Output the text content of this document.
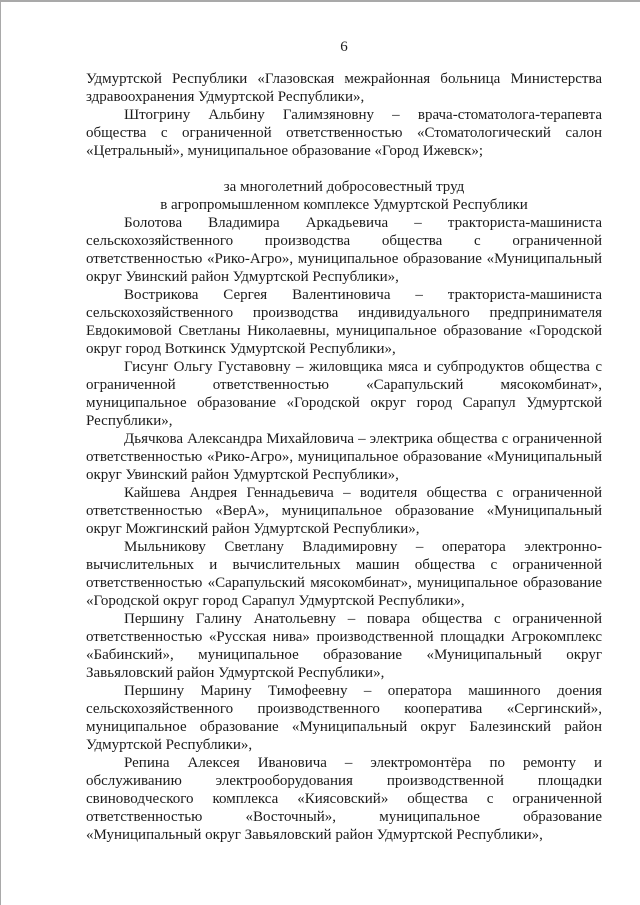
6

Удмуртской Республики «Глазовская межрайонная больница Министерства здравоохранения Удмуртской Республики»,

Штогрину Альбину Галимзяновну – врача-стоматолога-терапевта общества с ограниченной ответственностью «Стоматологический салон «Цетральный», муниципальное образование «Город Ижевск»;

за многолетний добросовестный труд
в агропромышленном комплексе Удмуртской Республики

Болотова Владимира Аркадьевича – тракториста-машиниста сельскохозяйственного производства общества с ограниченной ответственностью «Рико-Агро», муниципальное образование «Муниципальный округ Увинский район Удмуртской Республики»,

Вострикова Сергея Валентиновича – тракториста-машиниста сельскохозяйственного производства индивидуального предпринимателя Евдокимовой Светланы Николаевны, муниципальное образование «Городской округ город Воткинск Удмуртской Республики»,

Гисунг Ольгу Густавовну – жиловщика мяса и субпродуктов общества с ограниченной ответственностью «Сарапульский мясокомбинат», муниципальное образование «Городской округ город Сарапул Удмуртской Республики»,

Дьячкова Александра Михайловича – электрика общества с ограниченной ответственностью «Рико-Агро», муниципальное образование «Муниципальный округ Увинский район Удмуртской Республики»,

Кайшева Андрея Геннадьевича – водителя общества с ограниченной ответственностью «ВерА», муниципальное образование «Муниципальный округ Можгинский район Удмуртской Республики»,

Мыльникову Светлану Владимировну – оператора электронно-вычислительных и вычислительных машин общества с ограниченной ответственностью «Сарапульский мясокомбинат», муниципальное образование «Городской округ город Сарапул Удмуртской Республики»,

Першину Галину Анатольевну – повара общества с ограниченной ответственностью «Русская нива» производственной площадки Агрокомплекс «Бабинский», муниципальное образование «Муниципальный округ Завьяловский район Удмуртской Республики»,

Першину Марину Тимофеевну – оператора машинного доения сельскохозяйственного производственного кооператива «Сергинский», муниципальное образование «Муниципальный округ Балезинский район Удмуртской Республики»,

Репина Алексея Ивановича – электромонтёра по ремонту и обслуживанию электрооборудования производственной площадки свиноводческого комплекса «Киясовский» общества с ограниченной ответственностью «Восточный», муниципальное образование «Муниципальный округ Завьяловский район Удмуртской Республики»,
